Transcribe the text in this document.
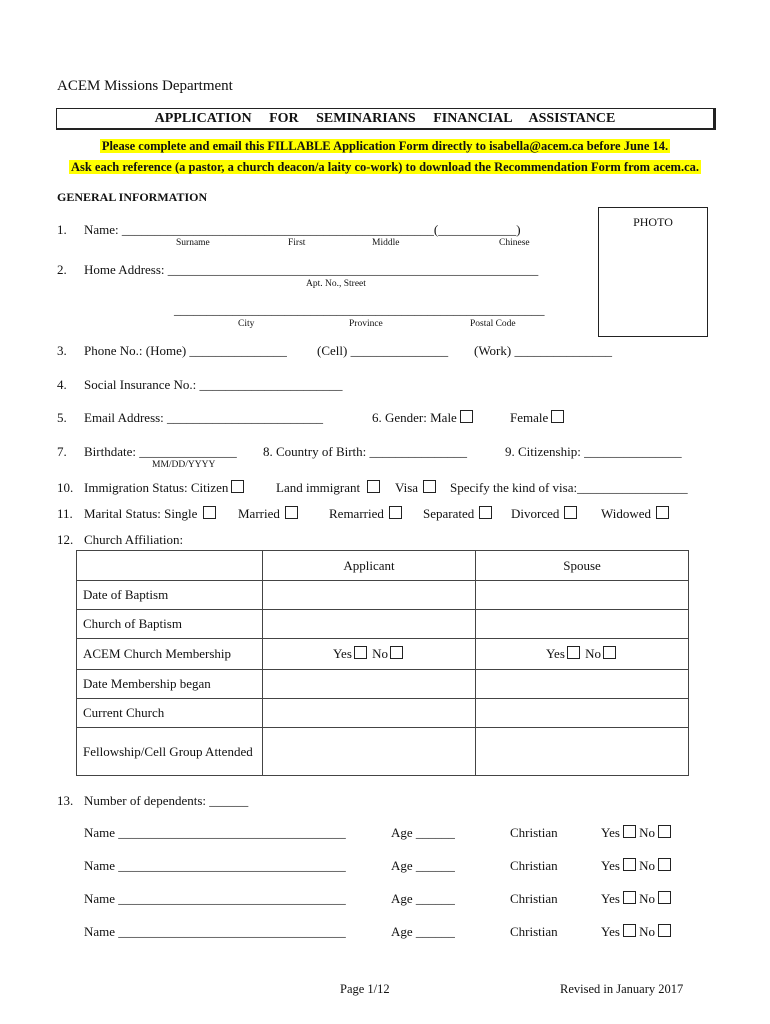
ACEM Missions Department
APPLICATION FOR SEMINARIANS FINANCIAL ASSISTANCE
Please complete and email this FILLABLE Application Form directly to isabella@acem.ca before June 14.
Ask each reference (a pastor, a church deacon/a laity co-work) to download the Recommendation Form from acem.ca.
GENERAL INFORMATION
PHOTO
1. Name: ________________________________________________(____________)
Surname	First	Middle	Chinese
2. Home Address: _________________________________________________________
Apt. No., Street
_________________________________________________________
City	Province	Postal Code
3. Phone No.: (Home) _______________ (Cell) _______________ (Work) _______________
4. Social Insurance No.: ______________________
5. Email Address: ________________________	6. Gender: Male	Female
7. Birthdate: _______________
MM/DD/YYYY
8. Country of Birth: _______________	9. Citizenship: _______________
10. Immigration Status: Citizen	Land immigrant	Visa	Specify the kind of visa:_________________
11. Marital Status: Single	Married	Remarried	Separated	Divorced	Widowed
12. Church Affiliation:
	Applicant	Spouse
Date of Baptism		
Church of Baptism		
ACEM Church Membership	Yes No	Yes No
Date Membership began		
Current Church		
Fellowship/Cell Group Attended		
13. Number of dependents: ______
Name ___________________________________	Age ______	Christian	Yes No
Name ___________________________________	Age ______	Christian	Yes No
Name ___________________________________	Age ______	Christian	Yes No
Name ___________________________________	Age ______	Christian	Yes No
Page 1/12	Revised in January 2017
